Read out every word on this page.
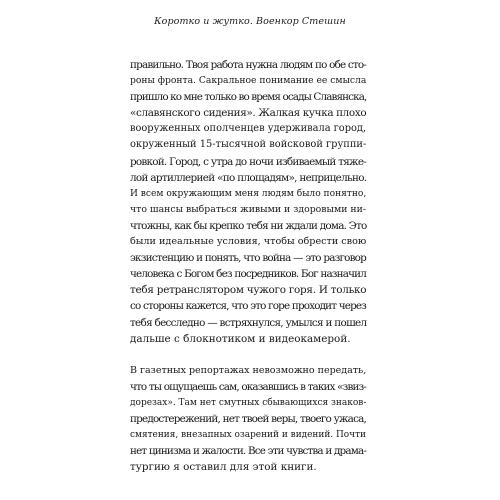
Коротко и жутко. Военкор Стешин
правильно. Твоя работа нужна людям по обе сто-
роны фронта. Сакральное понимание ее смысла
пришло ко мне только во время осады Славянска,
«славянского сидения». Жалкая кучка плохо
вооруженных ополченцев удерживала город,
окруженный 15-тысячной войсковой группи-
ровкой. Город, с утра до ночи избиваемый тяже-
лой артиллерией «по площадям», неприцельно.
И всем окружающим меня людям было понятно,
что шансы выбраться живыми и здоровыми ни-
чтожны, как бы крепко тебя ни ждали дома. Это
были идеальные условия, чтобы обрести свою
экзистенцию и понять, что война — это разговор
человека с Богом без посредников. Бог назначил
тебя ретранслятором чужого горя. И только
со стороны кажется, что это горе проходит через
тебя бесследно — встряхнулся, умылся и пошел
дальше с блокнотиком и видеокамерой.
В газетных репортажах невозможно передать,
что ты ощущаешь сам, оказавшись в таких «звиз-
дорезах». Там нет смутных сбывающихся знаков-
предостережений, нет твоей веры, твоего ужаса,
смятения, внезапных озарений и видений. Почти
нет цинизма и жалости. Все эти чувства и драма-
тургию я оставил для этой книги.
